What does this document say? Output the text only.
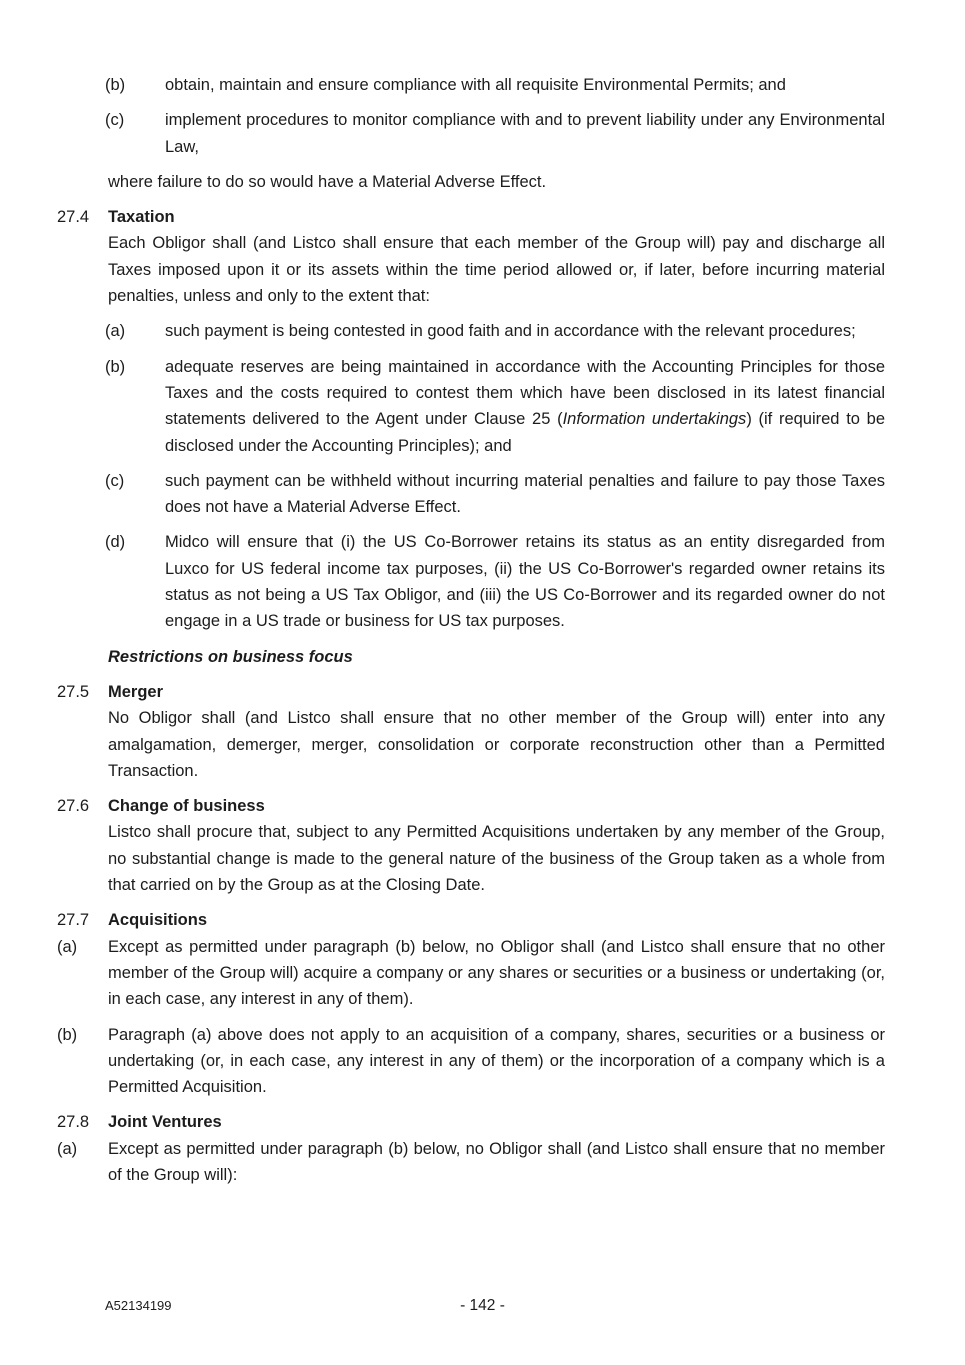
(b)	obtain, maintain and ensure compliance with all requisite Environmental Permits; and
(c)	implement procedures to monitor compliance with and to prevent liability under any Environmental Law,
where failure to do so would have a Material Adverse Effect.
27.4	Taxation
Each Obligor shall (and Listco shall ensure that each member of the Group will) pay and discharge all Taxes imposed upon it or its assets within the time period allowed or, if later, before incurring material penalties, unless and only to the extent that:
(a)	such payment is being contested in good faith and in accordance with the relevant procedures;
(b)	adequate reserves are being maintained in accordance with the Accounting Principles for those Taxes and the costs required to contest them which have been disclosed in its latest financial statements delivered to the Agent under Clause 25 (Information undertakings) (if required to be disclosed under the Accounting Principles); and
(c)	such payment can be withheld without incurring material penalties and failure to pay those Taxes does not have a Material Adverse Effect.
(d)	Midco will ensure that (i) the US Co-Borrower retains its status as an entity disregarded from Luxco for US federal income tax purposes, (ii) the US Co-Borrower's regarded owner retains its status as not being a US Tax Obligor, and (iii) the US Co-Borrower and its regarded owner do not engage in a US trade or business for US tax purposes.
Restrictions on business focus
27.5	Merger
No Obligor shall (and Listco shall ensure that no other member of the Group will) enter into any amalgamation, demerger, merger, consolidation or corporate reconstruction other than a Permitted Transaction.
27.6	Change of business
Listco shall procure that, subject to any Permitted Acquisitions undertaken by any member of the Group, no substantial change is made to the general nature of the business of the Group taken as a whole from that carried on by the Group as at the Closing Date.
27.7	Acquisitions
(a)	Except as permitted under paragraph (b) below, no Obligor shall (and Listco shall ensure that no other member of the Group will) acquire a company or any shares or securities or a business or undertaking (or, in each case, any interest in any of them).
(b)	Paragraph (a) above does not apply to an acquisition of a company, shares, securities or a business or undertaking (or, in each case, any interest in any of them) or the incorporation of a company which is a Permitted Acquisition.
27.8	Joint Ventures
(a)	Except as permitted under paragraph (b) below, no Obligor shall (and Listco shall ensure that no member of the Group will):
A52134199	- 142 -
